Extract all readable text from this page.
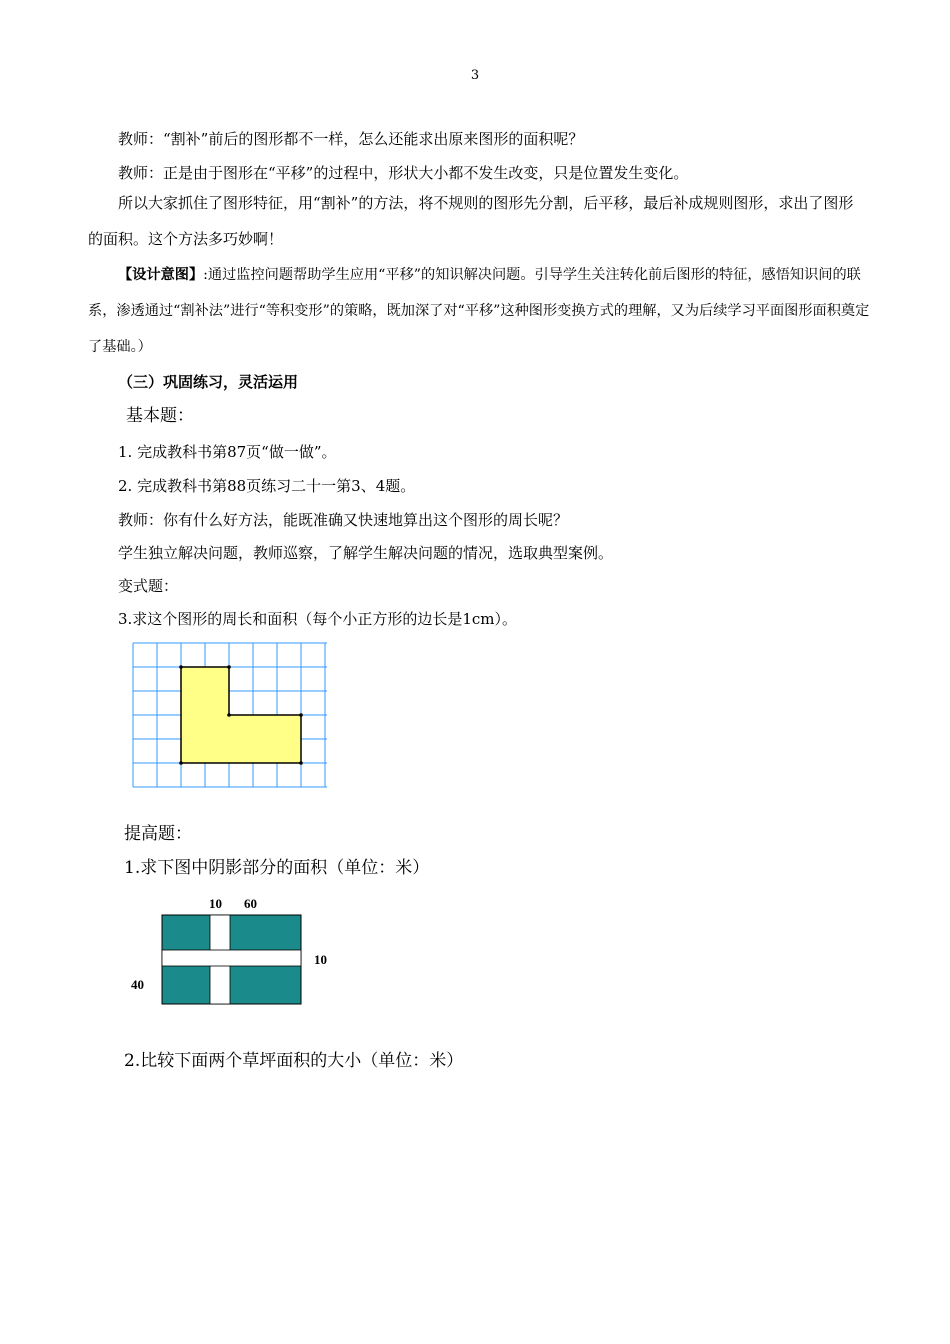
3
教师：“割补”前后的图形都不一样，怎么还能求出原来图形的面积呢？
教师：正是由于图形在“平移”的过程中，形状大小都不发生改变，只是位置发生变化。
所以大家抓住了图形特征，用“割补”的方法，将不规则的图形先分割，后平移，最后补成规则图形，求出了图形的面积。这个方法多巧妙啊！
【设计意图】:通过监控问题帮助学生应用“平移”的知识解决问题。引导学生关注转化前后图形的特征，感悟知识间的联系，渗透通过“割补法”进行“等积变形”的策略，既加深了对“平移”这种图形变换方式的理解，又为后续学习平面图形面积奠定了基础。）
（三）巩固练习，灵活运用
基本题：
1. 完成教科书第87页“做一做”。
2. 完成教科书第88页练习二十一第3、4题。
教师：你有什么好方法，能既准确又快速地算出这个图形的周长呢？
学生独立解决问题，教师巡察，了解学生解决问题的情况，选取典型案例。
变式题：
3.求这个图形的周长和面积（每个小正方形的边长是1cm）。
提高题：
1.求下图中阴影部分的面积（单位：米）
10 60
10
40
2.比较下面两个草坪面积的大小（单位：米）
